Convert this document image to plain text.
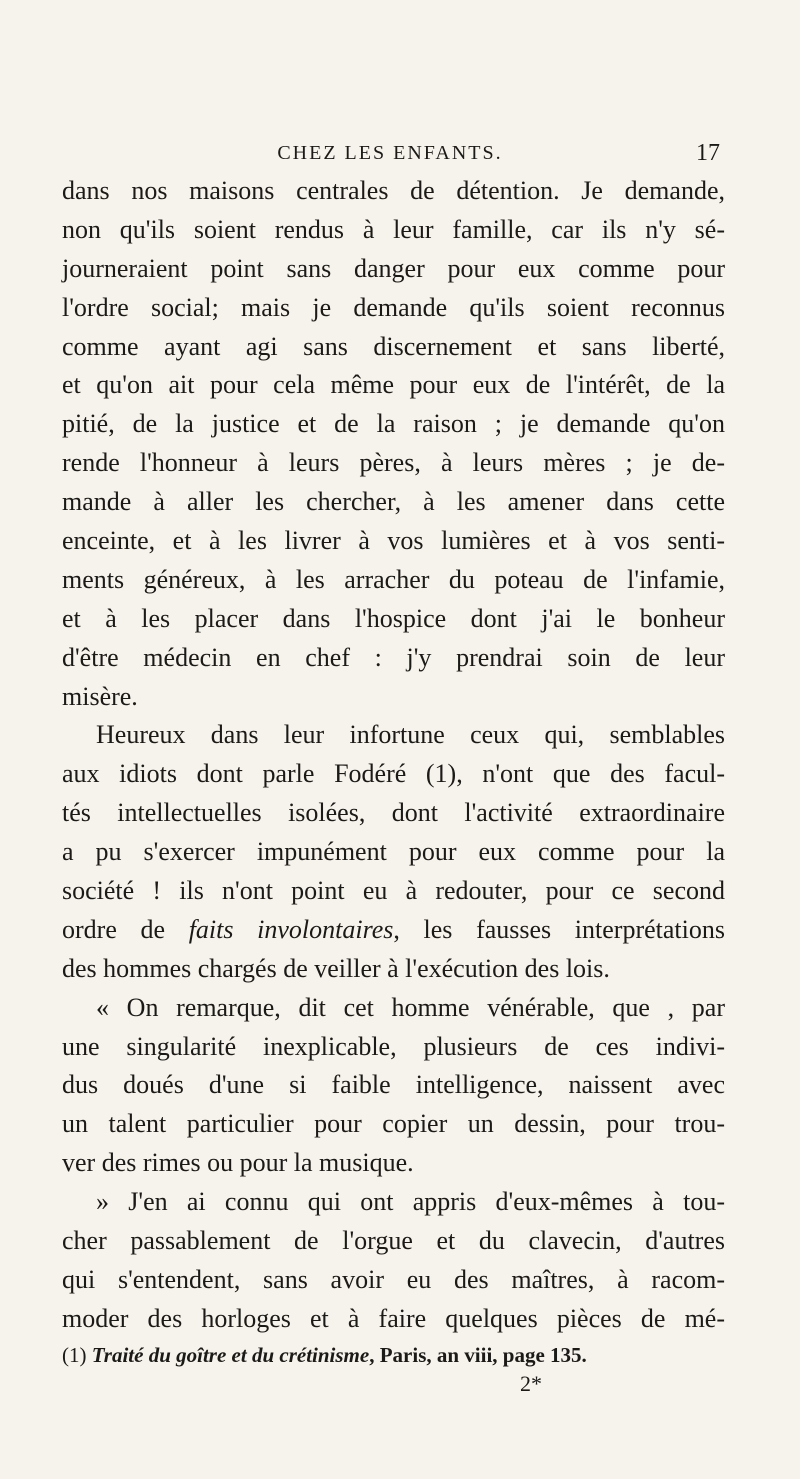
CHEZ LES ENFANTS.	17
dans nos maisons centrales de détention. Je demande,
non qu'ils soient rendus à leur famille, car ils n'y sé-
journeraient point sans danger pour eux comme pour
l'ordre social; mais je demande qu'ils soient reconnus
comme ayant agi sans discernement et sans liberté,
et qu'on ait pour cela même pour eux de l'intérêt, de la
pitié, de la justice et de la raison ; je demande qu'on
rende l'honneur à leurs pères, à leurs mères ; je de-
mande à aller les chercher, à les amener dans cette
enceinte, et à les livrer à vos lumières et à vos senti-
ments généreux, à les arracher du poteau de l'infamie,
et à les placer dans l'hospice dont j'ai le bonheur
d'être médecin en chef : j'y prendrai soin de leur
misère.
Heureux dans leur infortune ceux qui, semblables
aux idiots dont parle Fodéré (1), n'ont que des facul-
tés intellectuelles isolées, dont l'activité extraordinaire
a pu s'exercer impunément pour eux comme pour la
société ! ils n'ont point eu à redouter, pour ce second
ordre de faits involontaires, les fausses interprétations
des hommes chargés de veiller à l'exécution des lois.
« On remarque, dit cet homme vénérable, que , par
une singularité inexplicable, plusieurs de ces indivi-
dus doués d'une si faible intelligence, naissent avec
un talent particulier pour copier un dessin, pour trou-
ver des rimes ou pour la musique.
» J'en ai connu qui ont appris d'eux-mêmes à tou-
cher passablement de l'orgue et du clavecin, d'autres
qui s'entendent, sans avoir eu des maîtres, à racom-
moder des horloges et à faire quelques pièces de mé-
(1) Traité du goître et du crétinisme, Paris, an viii, page 135.
2*
